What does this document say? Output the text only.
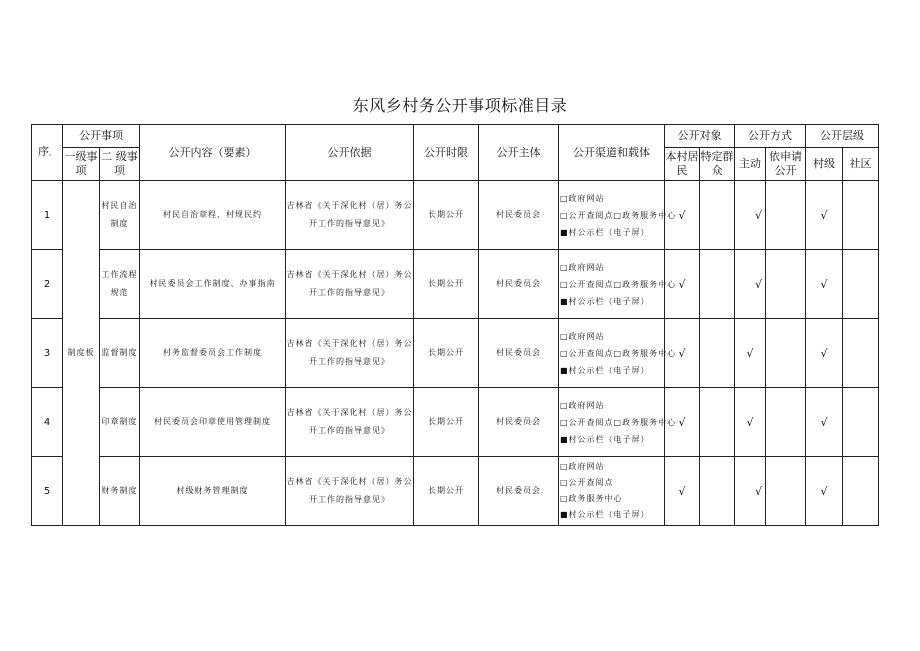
东风乡村务公开事项标准目录
序。	公开事项		公开内容（要素）	公开依据	公开时限	公开主体	公开渠道和载体	公开对象		公开方式		公开层级	
	一级事项	二 级事项						本村居民	特定群众	主动	依申请公开	村级	社区
1	制度板	村民自治制度	村民自治章程、村规民约	吉林省《关于深化村（居）务公开工作的指导意见》	长期公开	村民委员会	□政府网站
□公开查阅点□政务服务中心
■村公示栏（电子屏）	√		√		√	
2		工作流程规范	村民委员会工作制度、办事指南	吉林省《关于深化村（居）务公开工作的指导意见》	长期公开	村民委员会	□政府网站
□公开查阅点□政务服务中心
■村公示栏（电子屏）	√		√		√	
3		监督制度	村务监督委员会工作制度	吉林省《关于深化村（居）务公开工作的指导意见》	长期公开	村民委员会	□政府网站
□公开查阅点□政务服务中心
■村公示栏（电子屏）	√		√		√	
4		印章制度	村民委员会印章使用管理制度	吉林省《关于深化村（居）务公开工作的指导意见》	长期公开	村民委员会	□政府网站
□公开查阅点□政务服务中心
■村公示栏（电子屏）	√		√		√	
5		财务制度	村级财务管理制度	吉林省《关于深化村（居）务公开工作的指导意见》	长期公开	村民委员会	□政府网站
□公开查阅点
□政务服务中心
■村公示栏（电子屏）	√		√		√	
